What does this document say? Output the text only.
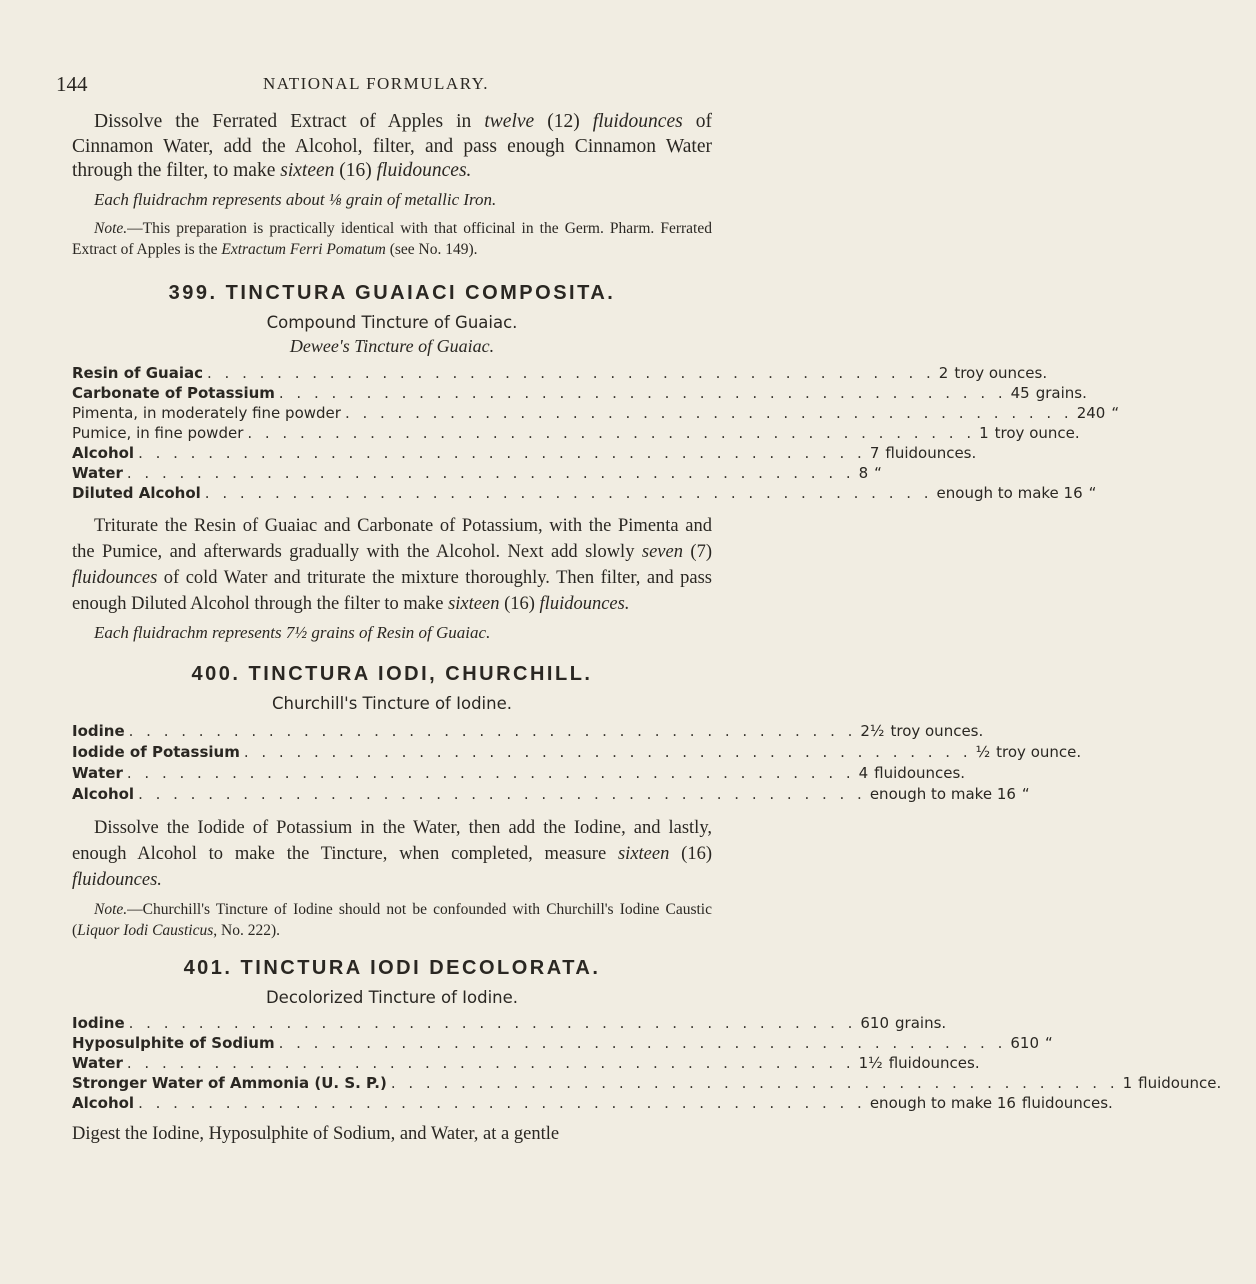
144	NATIONAL FORMULARY.

Dissolve the Ferrated Extract of Apples in twelve (12) fluidounces of Cinnamon Water, add the Alcohol, filter, and pass enough Cinnamon Water through the filter, to make sixteen (16) fluidounces.

Each fluidrachm represents about ⅛ grain of metallic Iron.

Note.—This preparation is practically identical with that officinal in the Germ. Pharm. Ferrated Extract of Apples is the Extractum Ferri Pomatum (see No. 149).

399. TINCTURA GUAIACI COMPOSITA.
Compound Tincture of Guaiac.
Dewee's Tincture of Guaiac.
Resin of Guaiac . . . . . . . . . . . . . . . . . . . . . . . . . . . . . . . . . . . . . . . . . . 2 troy ounces.
Carbonate of Potassium . . . . . . . . . . . . . . . . . . . . . . . . . . . . . . . . . . . . . . . . . . 45 grains.
Pimenta, in moderately fine powder . . . . . . . . . . . . . . . . . . . . . . . . . . . . . . . . . . . . . . . . . . 240 “
Pumice, in fine powder . . . . . . . . . . . . . . . . . . . . . . . . . . . . . . . . . . . . . . . . . . 1 troy ounce.
Alcohol . . . . . . . . . . . . . . . . . . . . . . . . . . . . . . . . . . . . . . . . . . 7 fluidounces.
Water . . . . . . . . . . . . . . . . . . . . . . . . . . . . . . . . . . . . . . . . . . 8 “
Diluted Alcohol . . . . . . . . . . . . . . . . . . . . . . . . . . . . . . . . . . . . . . . . . . enough to make 16 “

Triturate the Resin of Guaiac and Carbonate of Potassium, with the Pimenta and the Pumice, and afterwards gradually with the Alcohol. Next add slowly seven (7) fluidounces of cold Water and triturate the mixture thoroughly. Then filter, and pass enough Diluted Alcohol through the filter to make sixteen (16) fluidounces.

Each fluidrachm represents 7½ grains of Resin of Guaiac.

400. TINCTURA IODI, CHURCHILL.
Churchill's Tincture of Iodine.
Iodine . . . . . . . . . . . . . . . . . . . . . . . . . . . . . . . . . . . . . . . . . . 2½ troy ounces.
Iodide of Potassium . . . . . . . . . . . . . . . . . . . . . . . . . . . . . . . . . . . . . . . . . . ½ troy ounce.
Water . . . . . . . . . . . . . . . . . . . . . . . . . . . . . . . . . . . . . . . . . . 4 fluidounces.
Alcohol . . . . . . . . . . . . . . . . . . . . . . . . . . . . . . . . . . . . . . . . . . enough to make 16 “

Dissolve the Iodide of Potassium in the Water, then add the Iodine, and lastly, enough Alcohol to make the Tincture, when completed, measure sixteen (16) fluidounces.

Note.—Churchill's Tincture of Iodine should not be confounded with Churchill's Iodine Caustic (Liquor Iodi Causticus, No. 222).

401. TINCTURA IODI DECOLORATA.
Decolorized Tincture of Iodine.
Iodine . . . . . . . . . . . . . . . . . . . . . . . . . . . . . . . . . . . . . . . . . . 610 grains.
Hyposulphite of Sodium . . . . . . . . . . . . . . . . . . . . . . . . . . . . . . . . . . . . . . . . . . 610 “
Water . . . . . . . . . . . . . . . . . . . . . . . . . . . . . . . . . . . . . . . . . . 1½ fluidounces.
Stronger Water of Ammonia (U. S. P.) . . . . . . . . . . . . . . . . . . . . . . . . . . . . . . . . . . . . . . . . . . 1 fluidounce.
Alcohol . . . . . . . . . . . . . . . . . . . . . . . . . . . . . . . . . . . . . . . . . . enough to make 16 fluidounces.

Digest the Iodine, Hyposulphite of Sodium, and Water, at a gentle
